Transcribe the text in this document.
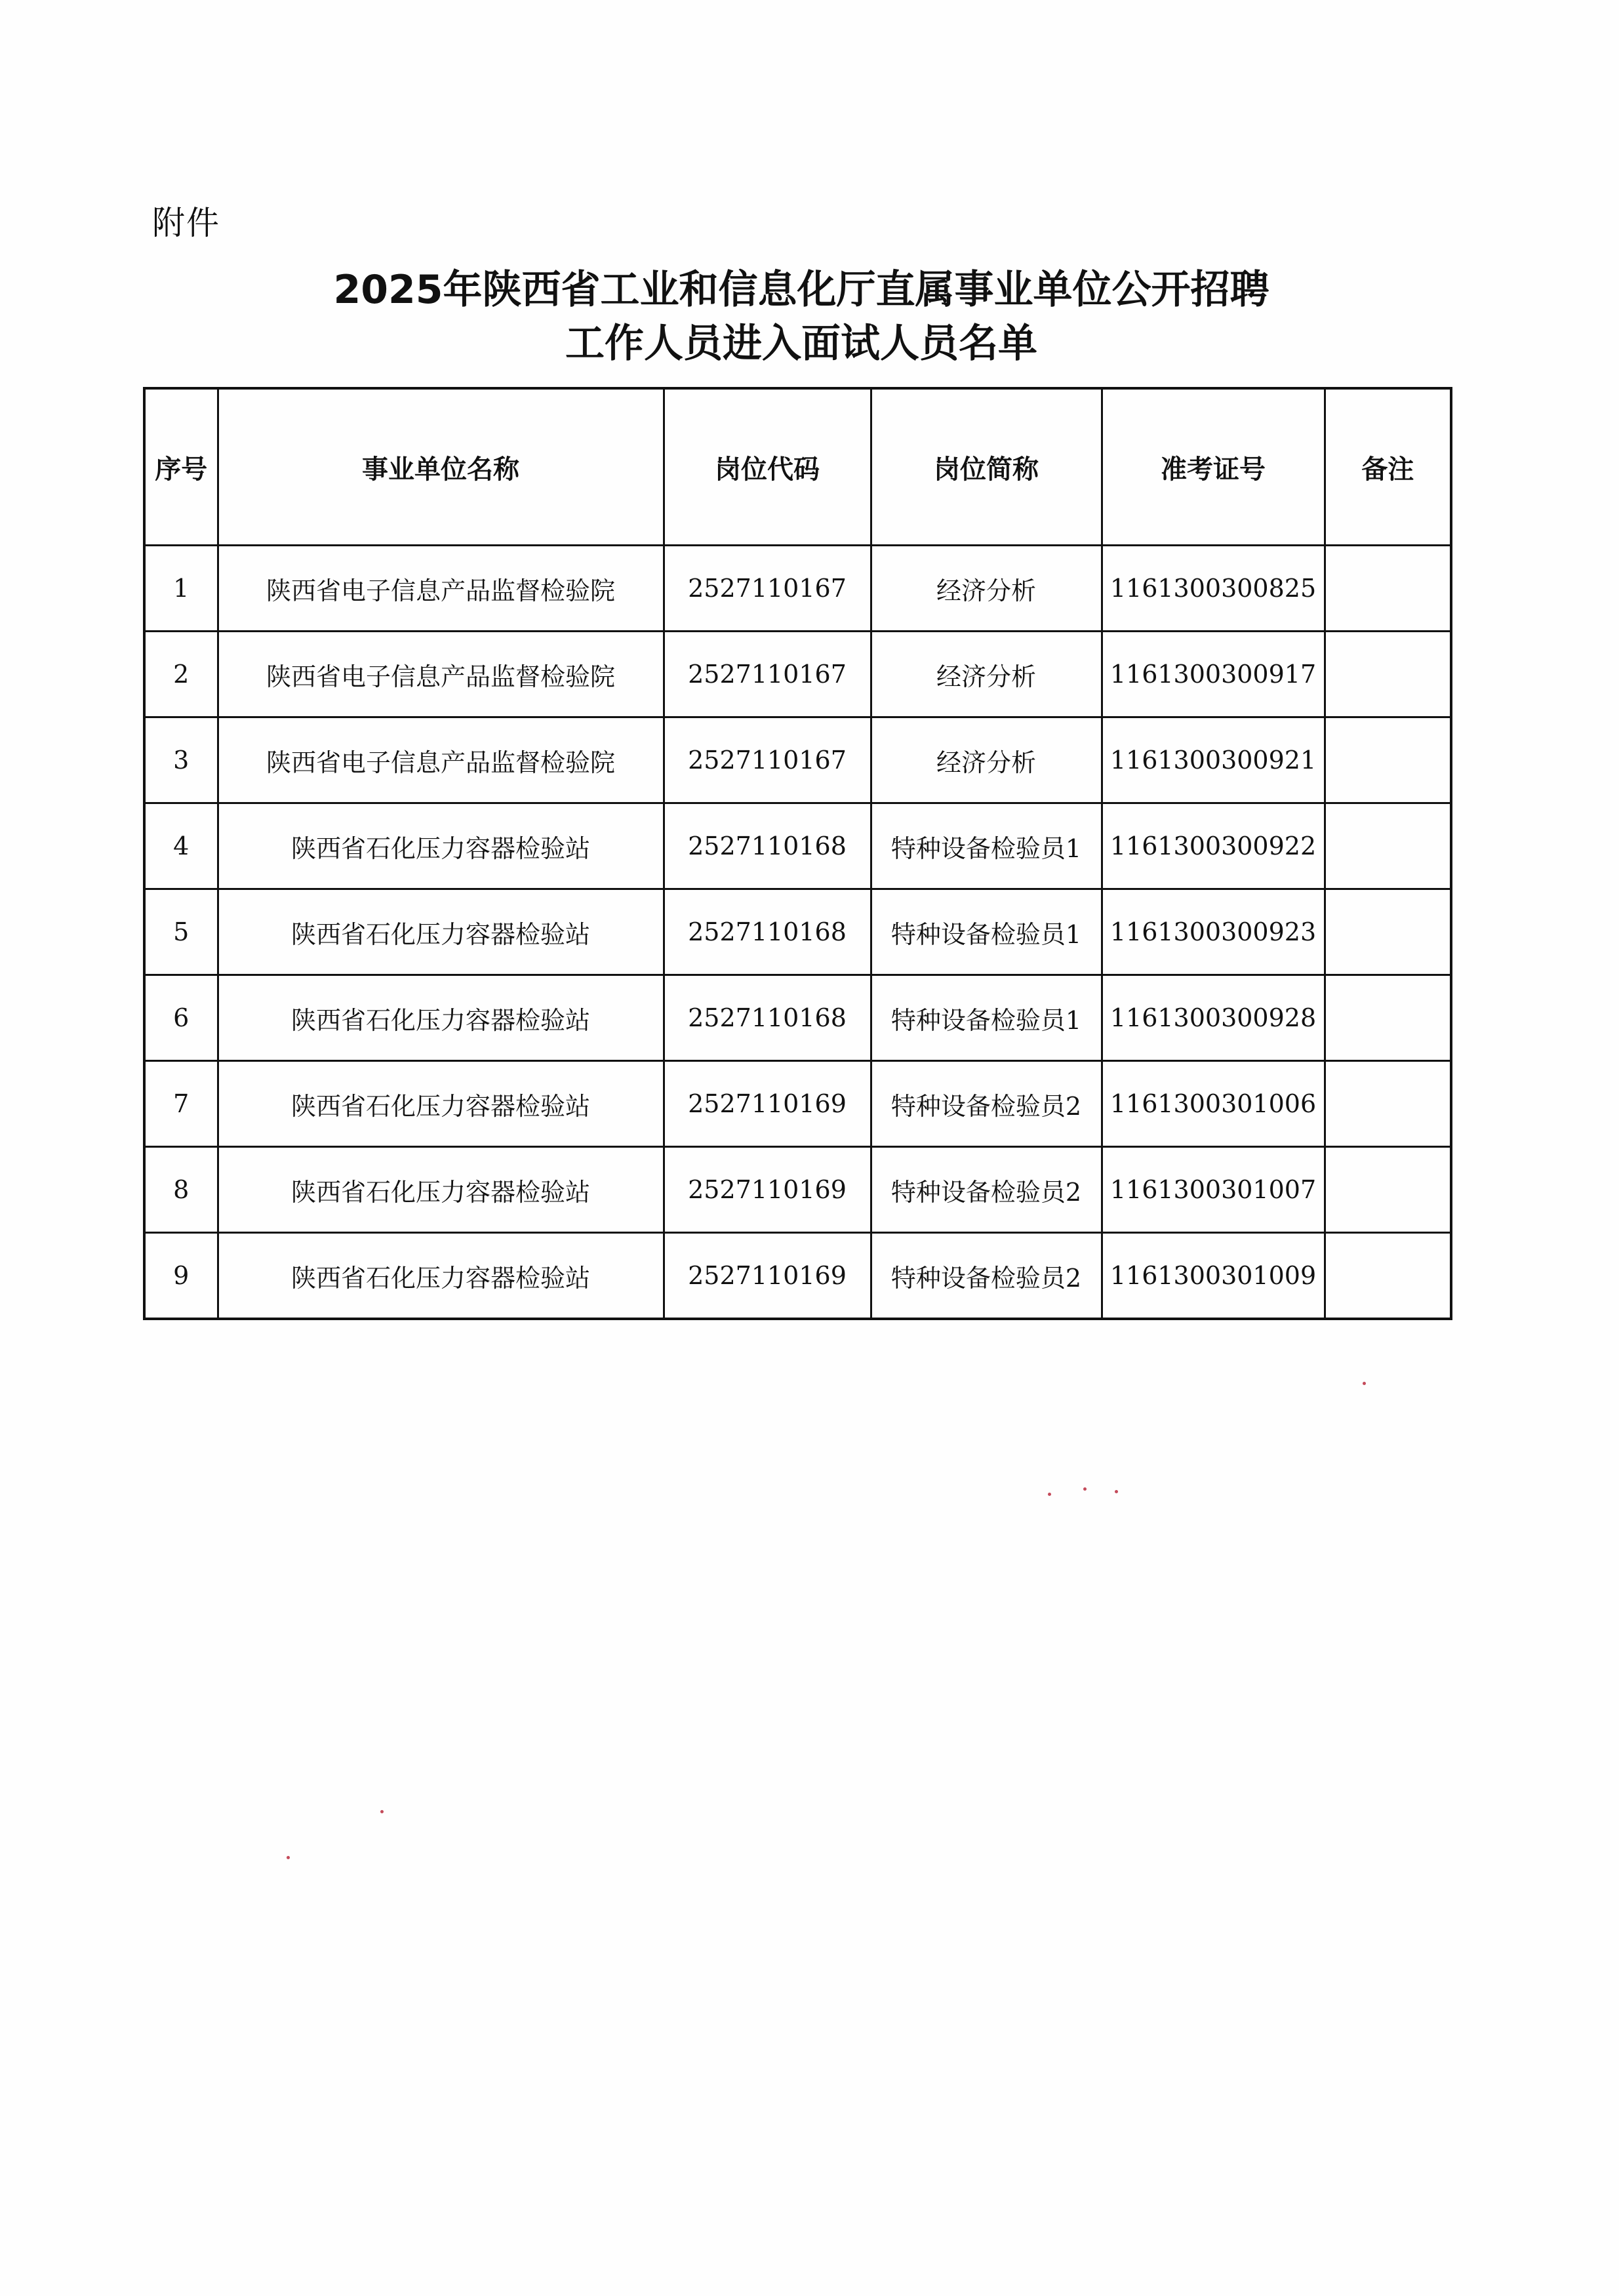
附件
2025年陕西省工业和信息化厅直属事业单位公开招聘
工作人员进入面试人员名单
序号	事业单位名称	岗位代码	岗位简称	准考证号	备注
1	陕西省电子信息产品监督检验院	2527110167	经济分析	1161300300825	
2	陕西省电子信息产品监督检验院	2527110167	经济分析	1161300300917	
3	陕西省电子信息产品监督检验院	2527110167	经济分析	1161300300921	
4	陕西省石化压力容器检验站	2527110168	特种设备检验员1	1161300300922	
5	陕西省石化压力容器检验站	2527110168	特种设备检验员1	1161300300923	
6	陕西省石化压力容器检验站	2527110168	特种设备检验员1	1161300300928	
7	陕西省石化压力容器检验站	2527110169	特种设备检验员2	1161300301006	
8	陕西省石化压力容器检验站	2527110169	特种设备检验员2	1161300301007	
9	陕西省石化压力容器检验站	2527110169	特种设备检验员2	1161300301009	
